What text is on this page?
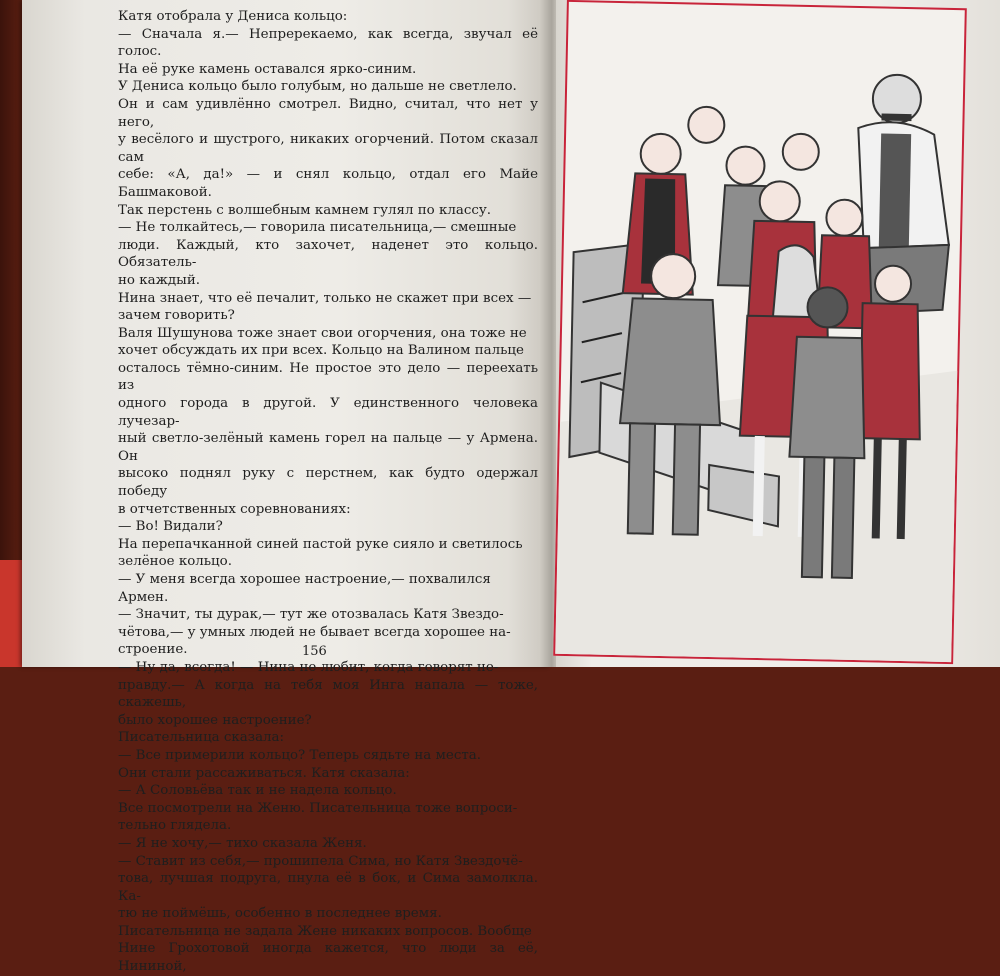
Катя отобрала у Дениса кольцо:

— Сначала я.— Непререкаемо, как всегда, звучал её голос.

На её руке камень оставался ярко-синим.

У Дениса кольцо было голубым, но дальше не светлело.

Он и сам удивлённо смотрел. Видно, считал, что нет у него,

у весёлого и шустрого, никаких огорчений. Потом сказал сам

себе: «А, да!» — и снял кольцо, отдал его Майе Башмаковой.

Так перстень с волшебным камнем гулял по классу.

— Не толкайтесь,— говорила писательница,— смешные

люди. Каждый, кто захочет, наденет это кольцо. Обязатель-

но каждый.

Нина знает, что её печалит, только не скажет при всех —

зачем говорить?

Валя Шушунова тоже знает свои огорчения, она тоже не

хочет обсуждать их при всех. Кольцо на Валином пальце

осталось тёмно-синим. Не простое это дело — переехать из

одного города в другой. У единственного человека лучезар-

ный светло-зелёный камень горел на пальце — у Армена. Он

высоко поднял руку с перстнем, как будто одержал победу

в отчетственных соревнованиях:

— Во! Видали?

На перепачканной синей пастой руке сияло и светилось

зелёное кольцо.

— У меня всегда хорошее настроение,— похвалился

Армен.

— Значит, ты дурак,— тут же отозвалась Катя Звездо-

чётова,— у умных людей не бывает всегда хорошее на-

строение.

— Ну да, всегда! — Нина не любит, когда говорят не-

правду.— А когда на тебя моя Инга напала — тоже, скажешь,

было хорошее настроение?

Писательница сказала:

— Все примерили кольцо? Теперь сядьте на места.

Они стали рассаживаться. Катя сказала:

— А Соловьёва так и не надела кольцо.

Все посмотрели на Женю. Писательница тоже вопроси-

тельно глядела.

— Я не хочу,— тихо сказала Женя.

— Ставит из себя,— прошипела Сима, но Катя Звездочё-

това, лучшая подруга, пнула её в бок, и Сима замолкла. Ка-

тю не поймёшь, особенно в последнее время.

Писательница не задала Жене никаких вопросов. Вообще

Нине Грохотовой иногда кажется, что люди за её, Нининой,

156
